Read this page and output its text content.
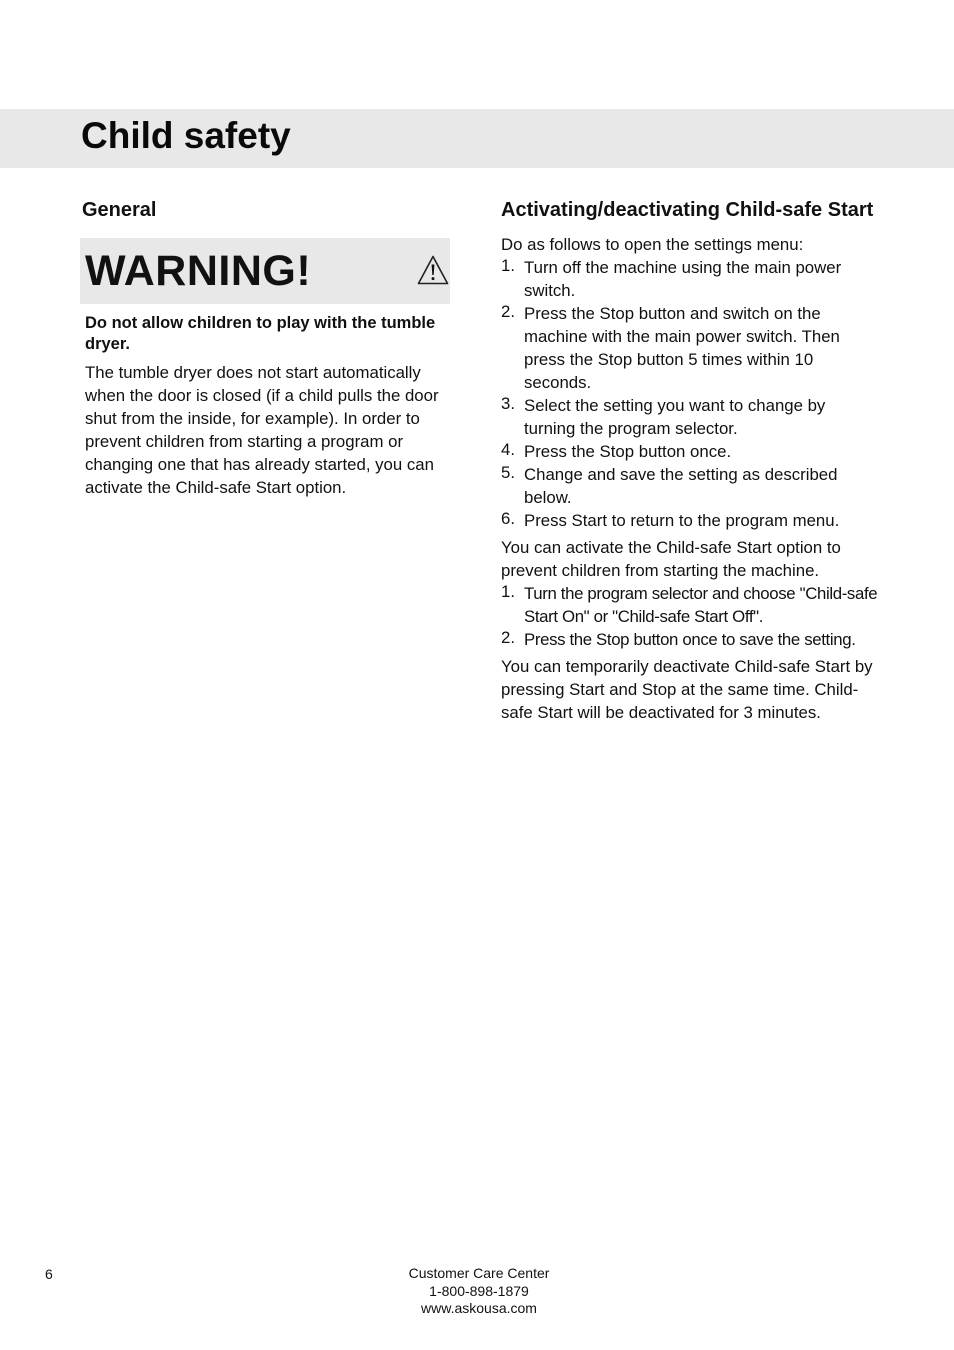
Child safety
General
WARNING!

Do not allow children to play with the tumble dryer.

The tumble dryer does not start automatically when the door is closed (if a child pulls the door shut from the inside, for example). In order to prevent children from starting a program or changing one that has already started, you can activate the Child-safe Start option.

Activating/deactivating Child-safe Start

Do as follows to open the settings menu:

1. Turn off the machine using the main power switch.
2. Press the Stop button and switch on the machine with the main power switch. Then press the Stop button 5 times within 10 seconds.
3. Select the setting you want to change by turning the program selector.
4. Press the Stop button once.
5. Change and save the setting as described below.
6. Press Start to return to the program menu.

You can activate the Child-safe Start option to prevent children from starting the machine.

1. Turn the program selector and choose "Child-safe Start On" or "Child-safe Start Off".
2. Press the Stop button once to save the setting.

You can temporarily deactivate Child-safe Start by pressing Start and Stop at the same time. Child-safe Start will be deactivated for 3 minutes.

6	Customer Care Center
1-800-898-1879
www.askousa.com
